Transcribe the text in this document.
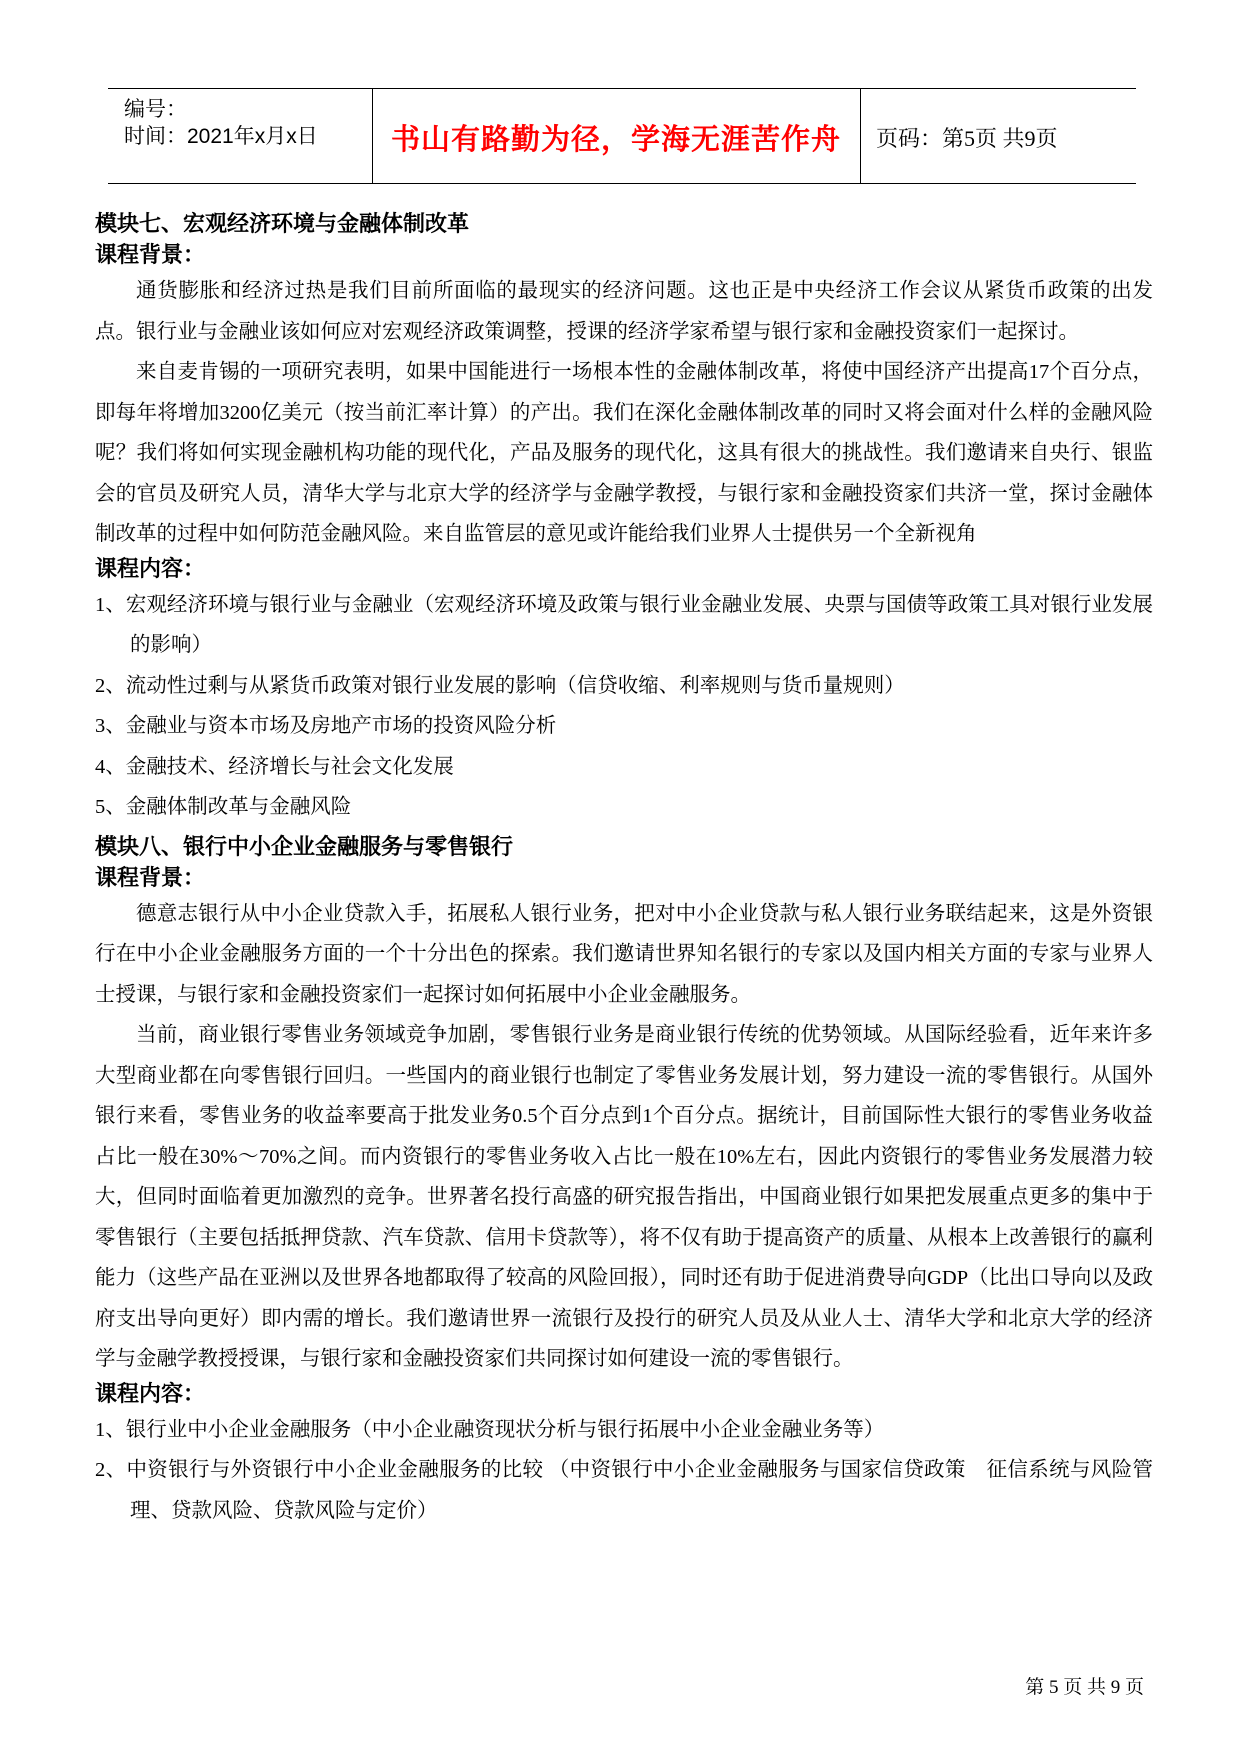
编号：
时间：2021年x月x日	书山有路勤为径，学海无涯苦作舟	页码：第5页 共9页
模块七、宏观经济环境与金融体制改革
课程背景：

通货膨胀和经济过热是我们目前所面临的最现实的经济问题。这也正是中央经济工作会议从紧货币政策的出发点。银行业与金融业该如何应对宏观经济政策调整，授课的经济学家希望与银行家和金融投资家们一起探讨。

来自麦肯锡的一项研究表明，如果中国能进行一场根本性的金融体制改革，将使中国经济产出提高17个百分点，即每年将增加3200亿美元（按当前汇率计算）的产出。我们在深化金融体制改革的同时又将会面对什么样的金融风险呢？我们将如何实现金融机构功能的现代化，产品及服务的现代化，这具有很大的挑战性。我们邀请来自央行、银监会的官员及研究人员，清华大学与北京大学的经济学与金融学教授，与银行家和金融投资家们共济一堂，探讨金融体制改革的过程中如何防范金融风险。来自监管层的意见或许能给我们业界人士提供另一个全新视角

课程内容：

1、宏观经济环境与银行业与金融业（宏观经济环境及政策与银行业金融业发展、央票与国债等政策工具对银行业发展的影响）

2、流动性过剩与从紧货币政策对银行业发展的影响（信贷收缩、利率规则与货币量规则）

3、金融业与资本市场及房地产市场的投资风险分析

4、金融技术、经济增长与社会文化发展

5、金融体制改革与金融风险

模块八、银行中小企业金融服务与零售银行
课程背景：

德意志银行从中小企业贷款入手，拓展私人银行业务，把对中小企业贷款与私人银行业务联结起来，这是外资银行在中小企业金融服务方面的一个十分出色的探索。我们邀请世界知名银行的专家以及国内相关方面的专家与业界人士授课，与银行家和金融投资家们一起探讨如何拓展中小企业金融服务。

当前，商业银行零售业务领域竞争加剧，零售银行业务是商业银行传统的优势领域。从国际经验看，近年来许多大型商业都在向零售银行回归。一些国内的商业银行也制定了零售业务发展计划，努力建设一流的零售银行。从国外银行来看，零售业务的收益率要高于批发业务0.5个百分点到1个百分点。据统计，目前国际性大银行的零售业务收益占比一般在30%～70%之间。而内资银行的零售业务收入占比一般在10%左右，因此内资银行的零售业务发展潜力较大，但同时面临着更加激烈的竞争。世界著名投行高盛的研究报告指出，中国商业银行如果把发展重点更多的集中于零售银行（主要包括抵押贷款、汽车贷款、信用卡贷款等），将不仅有助于提高资产的质量、从根本上改善银行的赢利能力（这些产品在亚洲以及世界各地都取得了较高的风险回报），同时还有助于促进消费导向GDP（比出口导向以及政府支出导向更好）即内需的增长。我们邀请世界一流银行及投行的研究人员及从业人士、清华大学和北京大学的经济学与金融学教授授课，与银行家和金融投资家们共同探讨如何建设一流的零售银行。

课程内容：

1、银行业中小企业金融服务（中小企业融资现状分析与银行拓展中小企业金融业务等）

2、中资银行与外资银行中小企业金融服务的比较 （中资银行中小企业金融服务与国家信贷政策　征信系统与风险管理、贷款风险、贷款风险与定价）

第 5 页 共 9 页
